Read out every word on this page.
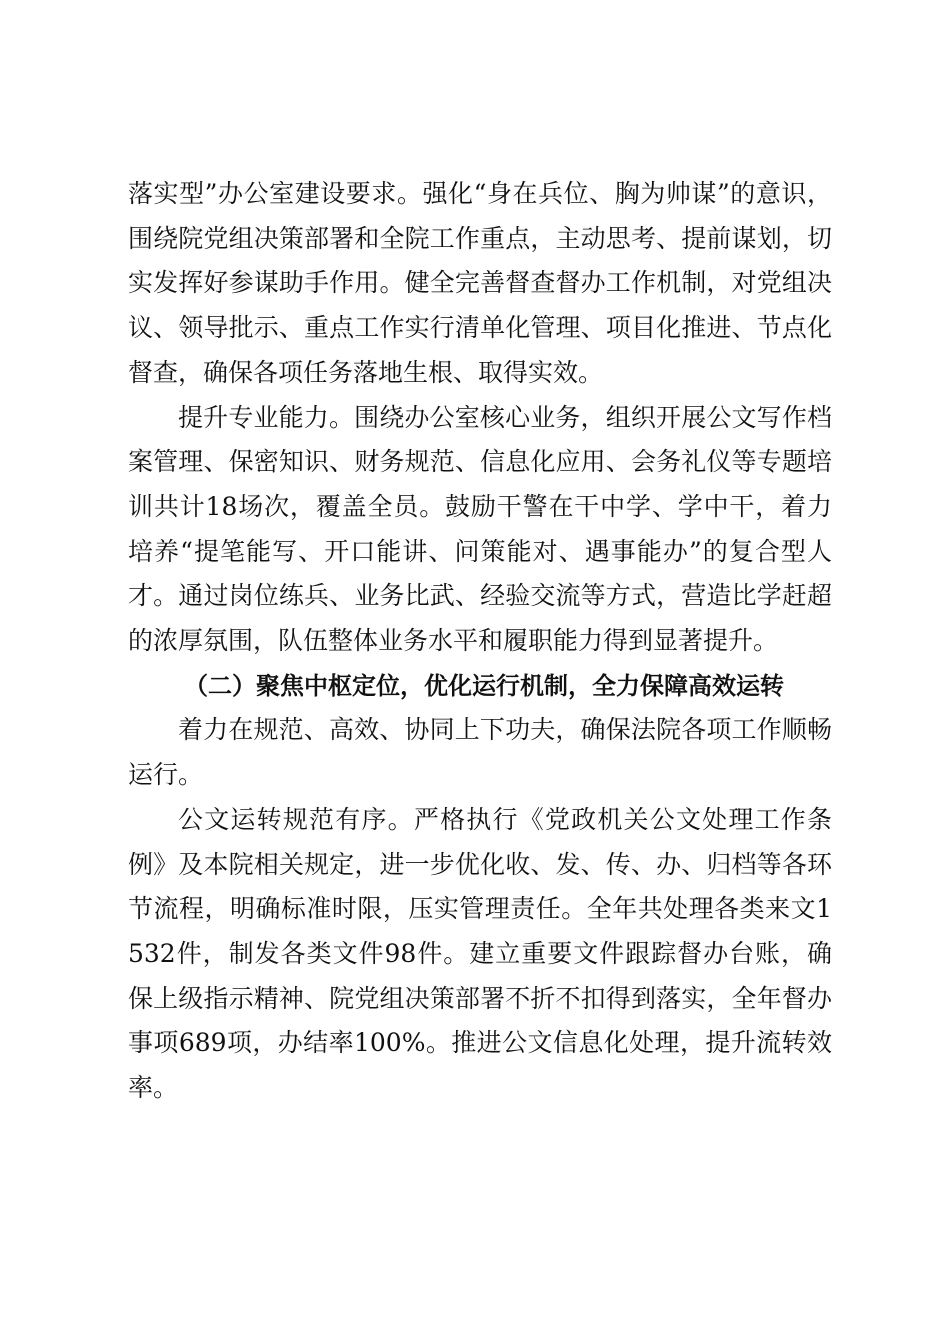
落实型”办公室建设要求。强化“身在兵位、胸为帅谋”的意识，围绕院党组决策部署和全院工作重点，主动思考、提前谋划，切实发挥好参谋助手作用。健全完善督查督办工作机制，对党组决议、领导批示、重点工作实行清单化管理、项目化推进、节点化督查，确保各项任务落地生根、取得实效。

提升专业能力。围绕办公室核心业务，组织开展公文写作档案管理、保密知识、财务规范、信息化应用、会务礼仪等专题培训共计18场次，覆盖全员。鼓励干警在干中学、学中干，着力培养“提笔能写、开口能讲、问策能对、遇事能办”的复合型人才。通过岗位练兵、业务比武、经验交流等方式，营造比学赶超的浓厚氛围，队伍整体业务水平和履职能力得到显著提升。

（二）聚焦中枢定位，优化运行机制，全力保障高效运转

着力在规范、高效、协同上下功夫，确保法院各项工作顺畅运行。

公文运转规范有序。严格执行《党政机关公文处理工作条例》及本院相关规定，进一步优化收、发、传、办、归档等各环节流程，明确标准时限，压实管理责任。全年共处理各类来文1532件，制发各类文件98件。建立重要文件跟踪督办台账，确保上级指示精神、院党组决策部署不折不扣得到落实，全年督办事项689项，办结率100%。推进公文信息化处理，提升流转效率。
